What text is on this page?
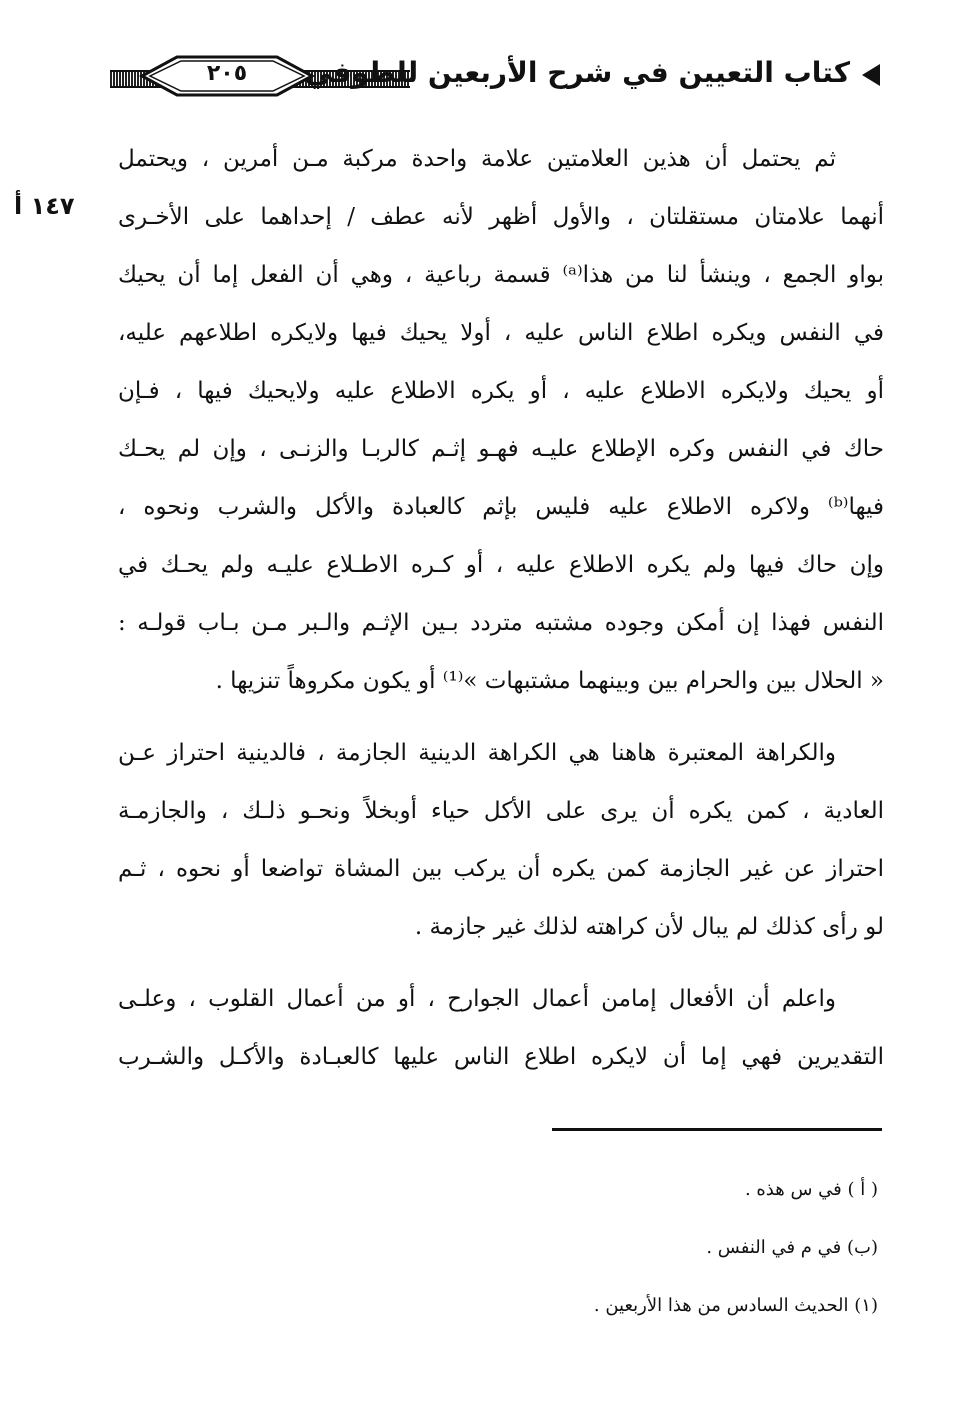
٢٠٥	كتاب التعيين في شرح الأربعين للطوفي
١٤٧ أ

ثم يحتمل أن هذين العلامتين علامة واحدة مركبة مـن أمرين ، ويحتمل
أنهما علامتان مستقلتان ، والأول أظهر لأنه عطف / إحداهما على الأخـرى
بواو الجمع ، وينشأ لنا من هذا⁽ᵃ⁾ قسمة رباعية ، وهي أن الفعل إما أن يحيك
في النفس ويكره اطلاع الناس عليه ، أولا يحيك فيها ولايكره اطلاعهم عليه،
أو يحيك ولايكره الاطلاع عليه ، أو يكره الاطلاع عليه ولايحيك فيها ، فـإن
حاك في النفس وكره الإطلاع عليـه فهـو إثـم كالربـا والزنـى ، وإن لم يحـك
فيها⁽ᵇ⁾ ولاكره الاطلاع عليه فليس بإثم كالعبادة والأكل والشرب ونحوه ،
وإن حاك فيها ولم يكره الاطلاع عليه ، أو كـره الاطـلاع عليـه ولم يحـك في
النفس فهذا إن أمكن وجوده مشتبه متردد بـين الإثـم والـبر مـن بـاب قولـه :
« الحلال بين والحرام بين وبينهما مشتبهات »⁽¹⁾ أو يكون مكروهاً تنزيها .

والكراهة المعتبرة هاهنا هي الكراهة الدينية الجازمة ، فالدينية احتراز عـن
العادية ، كمن يكره أن يرى على الأكل حياء أوبخلاً ونحـو ذلـك ، والجازمـة
احتراز عن غير الجازمة كمن يكره أن يركب بين المشاة تواضعا أو نحوه ، ثـم
لو رأى كذلك لم يبال لأن كراهته لذلك غير جازمة .

واعلم أن الأفعال إمامن أعمال الجوارح ، أو من أعمال القلوب ، وعلـى
التقديرين فهي إما أن لايكره اطلاع الناس عليها كالعبـادة والأكـل والشـرب

( أ ) في س هذه .
(ب) في م في النفس .
(١) الحديث السادس من هذا الأربعين .
